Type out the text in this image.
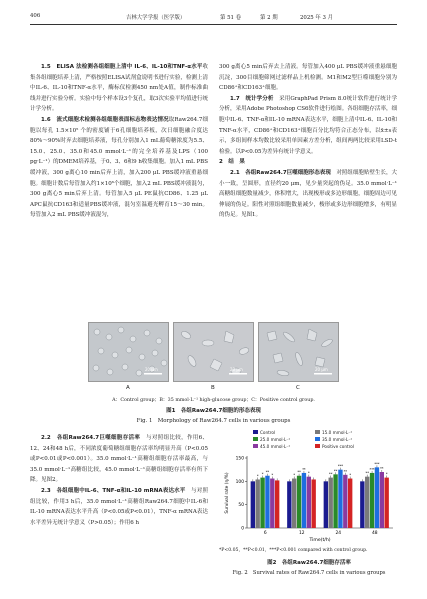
406	吉林大学学报（医学版）	第 51 卷	第 2 期	2025 年 3 月

1.5　ELISA 法检测各组细胞上清中 IL-6、IL-10和TNF-α水平收集各组细胞培养上清，严格按照ELISA试剂盒说明书进行实验，检测上清中IL-6、IL-10和TNF-α水平，酶标仪检测450 nm处A值，制作标准曲线并进行实验分析。实验中每个样本设3个复孔，取3次实验平均值进行统计学分析。

1.6　流式细胞术检测各组细胞表面标志物表达情况取Raw264.7细胞以每孔 1.5×10⁵ 个的密度铺于6孔细胞培养板，次日细胞融合度达80%～90%时弃去细胞培养液，每孔分别加入1 mL葡萄糖浓度为5.5、15.0、25.0、35.0和45.0 mmol·L⁻¹的完全培养基及LPS（100 pg·L⁻¹）的DMEM培养基，于0、3、6和9 h收集细胞。加入1 mL PBS缓冲液，300 g离心10 min后弃上清，加入200 μL PBS缓冲液重悬细胞。细胞计数后每管加入约1×10⁶个细胞，加入2 mL PBS缓冲液混匀，300 g离心5 min后弃上清。每管加入5 μL PE鼠抗CD86、1.25 μL APC鼠抗CD163和适量PBS缓冲液，混匀室温避光孵育15～30 min。每管加入2 mL PBS缓冲液混匀，

300 g离心5 min后弃去上清液。每管加入400 μL PBS缓冲液重悬细胞沉淀，300目细胞筛网过滤样品上机检测。M1和M2型巨噬细胞分别为CD86⁺和CD163⁺细胞。

1.7　统计学分析　 采用GraphPad Prism 8.0统计软件进行统计学分析，采用Adobe Photoshop CS6软件进行绘图。各组细胞存活率，细胞中IL-6、TNF-α和IL-10 mRNA表达水平，细胞上清中IL-6、IL-10和TNF-α水平，CD86⁺和CD163⁺细胞百分比均符合正态分布，以x̄±s表示，多组间样本均数比较采用单因素方差分析，组间两两比较采用LSD-t检验。以P<0.05为差异有统计学意义。

2　结　果

2.1　各组Raw264.7巨噬细胞形态表现　 对照组细胞贴壁生长，大小一致，呈圆形，直径约20 μm，见少量突起的伪足。35.0 mmol·L⁻¹高糖组细胞数量减少，体积增大，出现梭形或多边形细胞，细胞周边可见伸展的伪足。阳性对照组细胞数量减少，梭形或多边形细胞增多，有明显的伪足。见图1。

20 μm	20 μm	20 μm
A	B	C
A：Control group；B：35 mmol·L⁻¹ high-glucose group；C：Positive control group.
图1　各组Raw264.7细胞的形态表现
Fig. 1　Morphology of Raw264.7 cells in various groups

2.2　各组Raw264.7巨噬细胞存活率　 与对照组比较，作用6、12、24和48 h后，不同浓度葡萄糖组细胞存活率均明显升高（P<0.05或P<0.01或P<0.001）。35.0 mmol·L⁻¹高糖组细胞存活率最高，与35.0 mmol·L⁻¹高糖组比较，45.0 mmol·L⁻¹高糖组细胞存活率有所下降。见图2。

2.3　各组细胞中IL-6、TNF-α和IL-10 mRNA表达水平　 与对照组比较，作用3 h后，35.0 mmol·L⁻¹高糖组Raw264.7细胞中IL-6和IL-10 mRNA表达水平升高（P<0.05或P<0.01），TNF-α mRNA表达水平差异无统计学意义（P>0.05）；作用6 h

Control	15.0 mmol·L⁻¹
25.0 mmol·L⁻¹	35.0 mmol·L⁻¹
45.0 mmol·L⁻¹	Positive control
0
50
100
150
Survival rate (η/%)	* * **
*
6
*
**
**
*
12
**
**
***
**
*
24
**
***
***
**
*
48
Time(t/h)
*P<0.05，**P<0.01，***P<0.001 compared with control group.
图2　各组Raw264.7细胞存活率
Fig. 2　Survival rates of Raw264.7 cells in various groups
